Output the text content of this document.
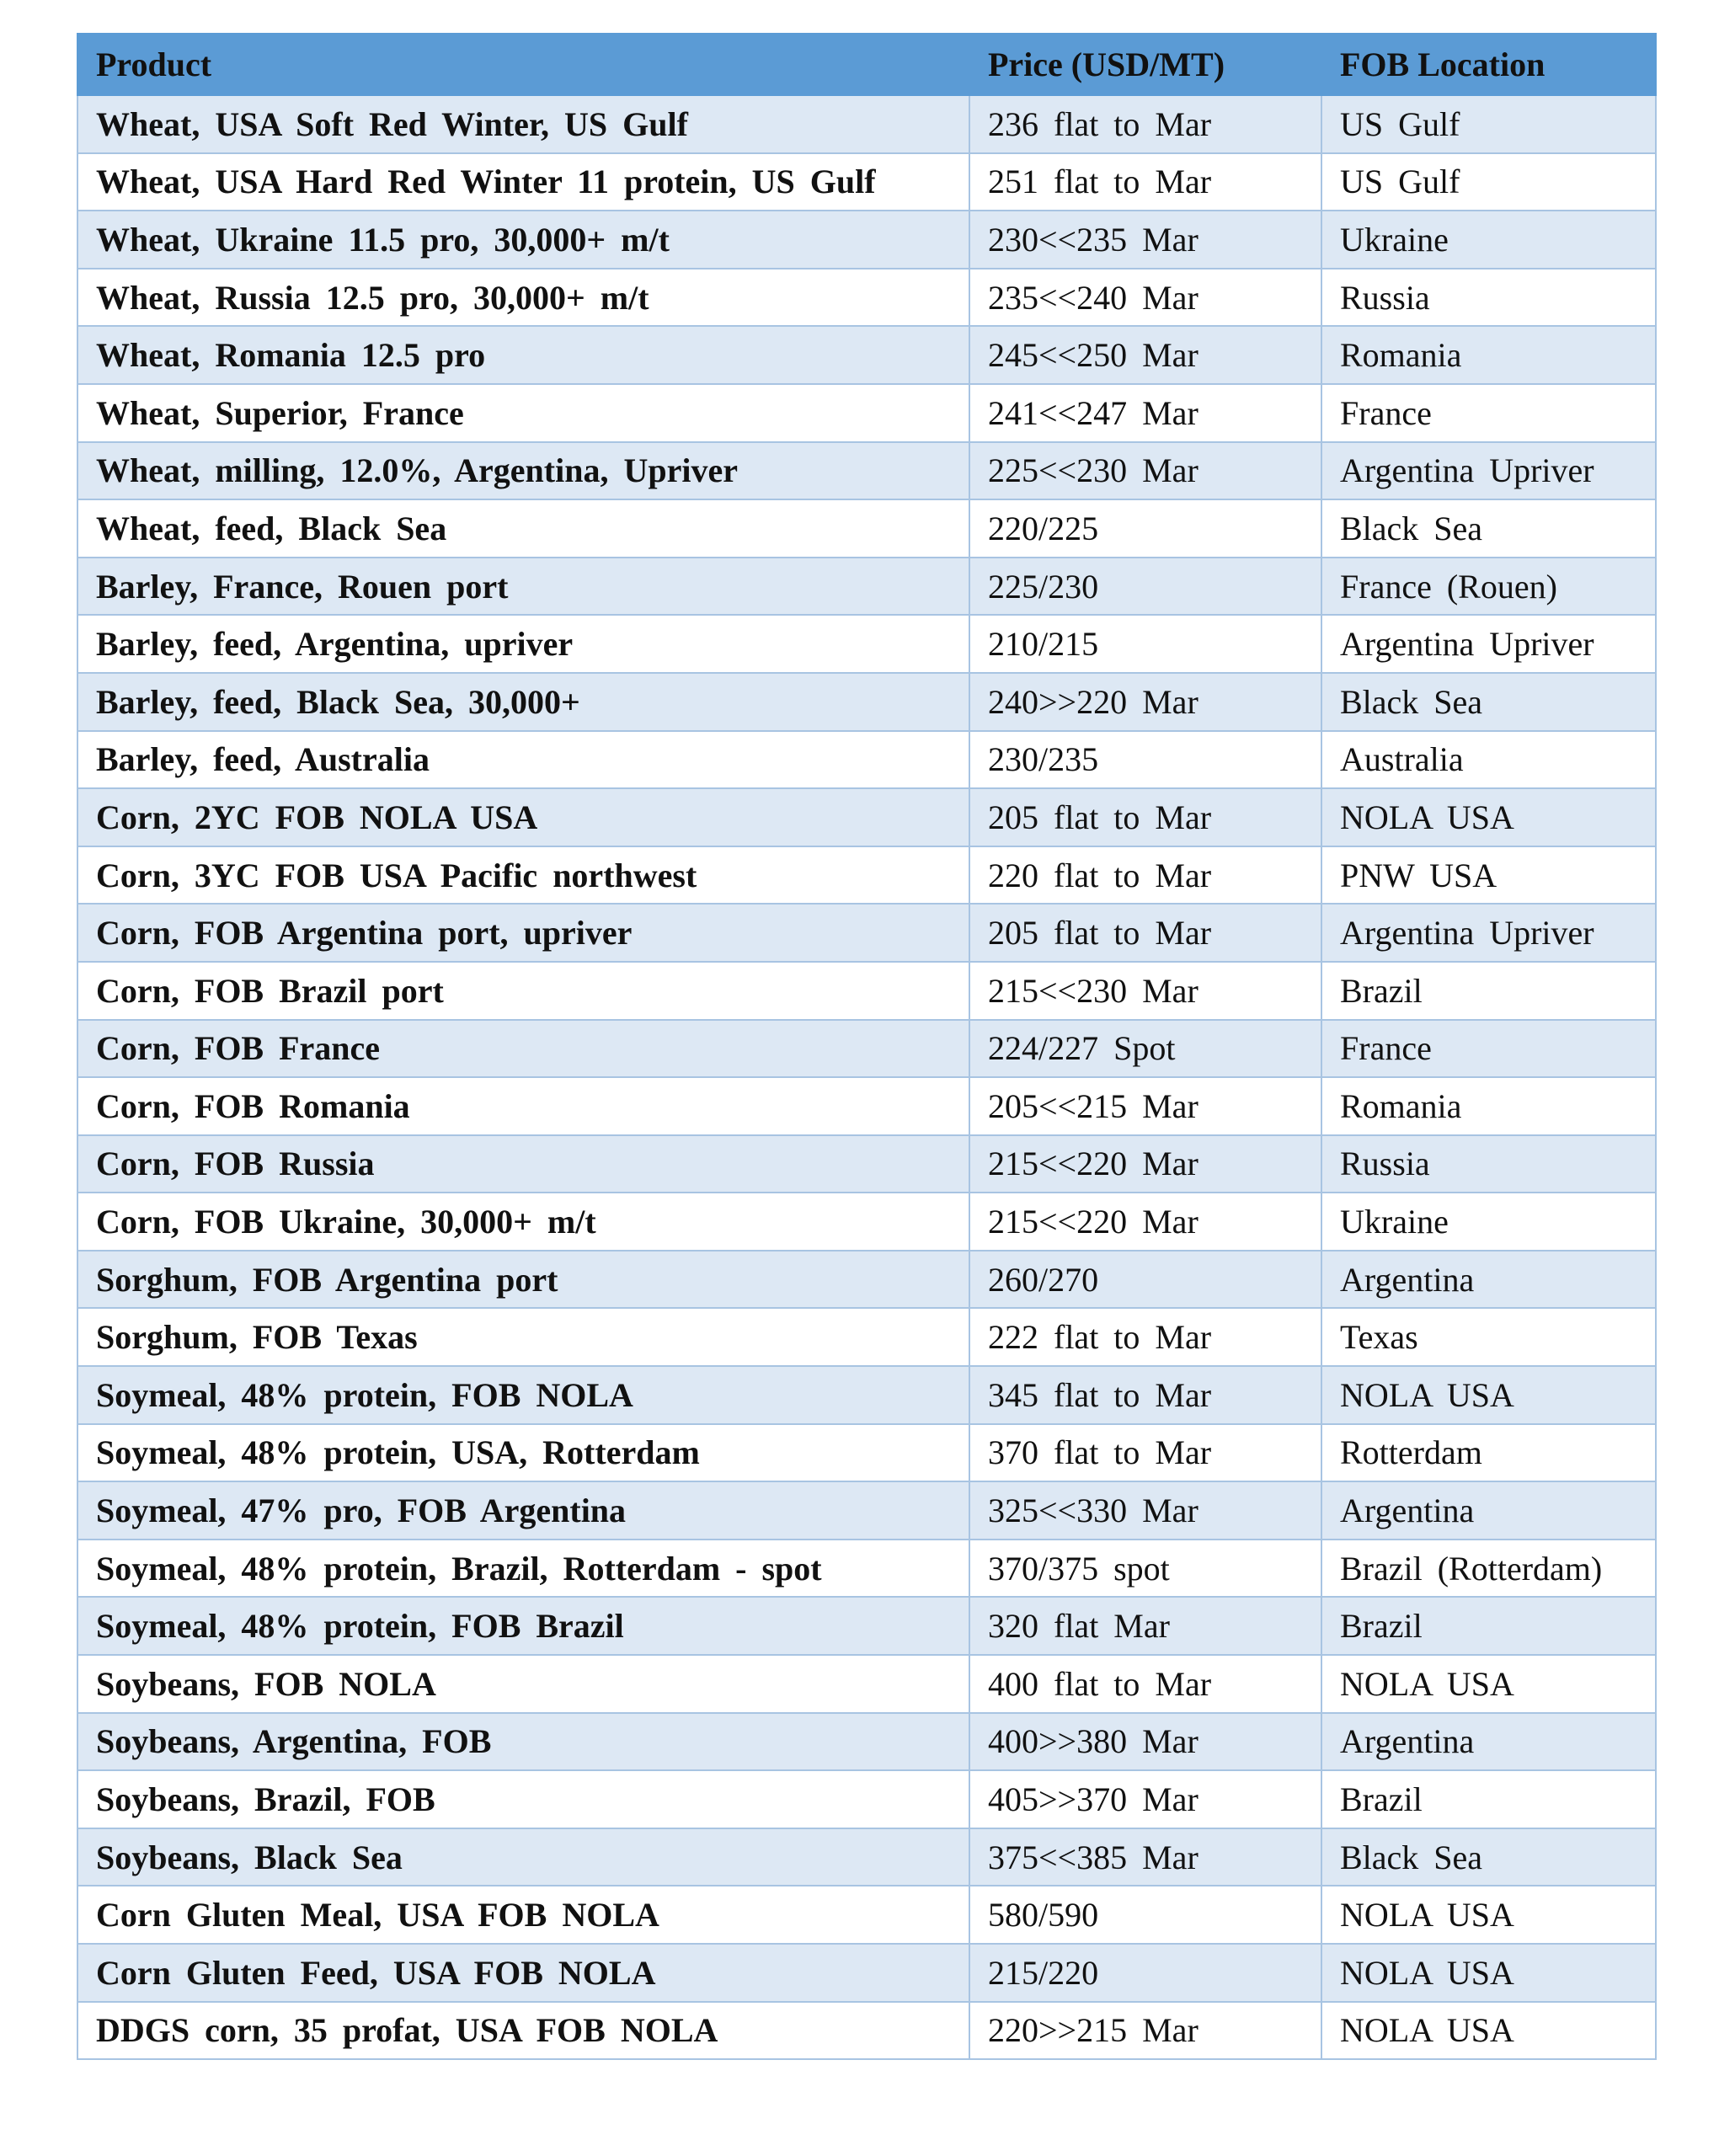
Product	Price (USD/MT)	FOB Location
Wheat, USA Soft Red Winter, US Gulf	236 flat to Mar	US Gulf
Wheat, USA Hard Red Winter 11 protein, US Gulf	251 flat to Mar	US Gulf
Wheat, Ukraine 11.5 pro, 30,000+ m/t	230<<235 Mar	Ukraine
Wheat, Russia 12.5 pro, 30,000+ m/t	235<<240 Mar	Russia
Wheat, Romania 12.5 pro	245<<250 Mar	Romania
Wheat, Superior, France	241<<247 Mar	France
Wheat, milling, 12.0%, Argentina, Upriver	225<<230 Mar	Argentina Upriver
Wheat, feed, Black Sea	220/225	Black Sea
Barley, France, Rouen port	225/230	France (Rouen)
Barley, feed, Argentina, upriver	210/215	Argentina Upriver
Barley, feed, Black Sea, 30,000+	240>>220 Mar	Black Sea
Barley, feed, Australia	230/235	Australia
Corn, 2YC FOB NOLA USA	205 flat to Mar	NOLA USA
Corn, 3YC FOB USA Pacific northwest	220 flat to Mar	PNW USA
Corn, FOB Argentina port, upriver	205 flat to Mar	Argentina Upriver
Corn, FOB Brazil port	215<<230 Mar	Brazil
Corn, FOB France	224/227 Spot	France
Corn, FOB Romania	205<<215 Mar	Romania
Corn, FOB Russia	215<<220 Mar	Russia
Corn, FOB Ukraine, 30,000+ m/t	215<<220 Mar	Ukraine
Sorghum, FOB Argentina port	260/270	Argentina
Sorghum, FOB Texas	222 flat to Mar	Texas
Soymeal, 48% protein, FOB NOLA	345 flat to Mar	NOLA USA
Soymeal, 48% protein, USA, Rotterdam	370 flat to Mar	Rotterdam
Soymeal, 47% pro, FOB Argentina	325<<330 Mar	Argentina
Soymeal, 48% protein, Brazil, Rotterdam - spot	370/375 spot	Brazil (Rotterdam)
Soymeal, 48% protein, FOB Brazil	320 flat Mar	Brazil
Soybeans, FOB NOLA	400 flat to Mar	NOLA USA
Soybeans, Argentina, FOB	400>>380 Mar	Argentina
Soybeans, Brazil, FOB	405>>370 Mar	Brazil
Soybeans, Black Sea	375<<385 Mar	Black Sea
Corn Gluten Meal, USA FOB NOLA	580/590	NOLA USA
Corn Gluten Feed, USA FOB NOLA	215/220	NOLA USA
DDGS corn, 35 profat, USA FOB NOLA	220>>215 Mar	NOLA USA
